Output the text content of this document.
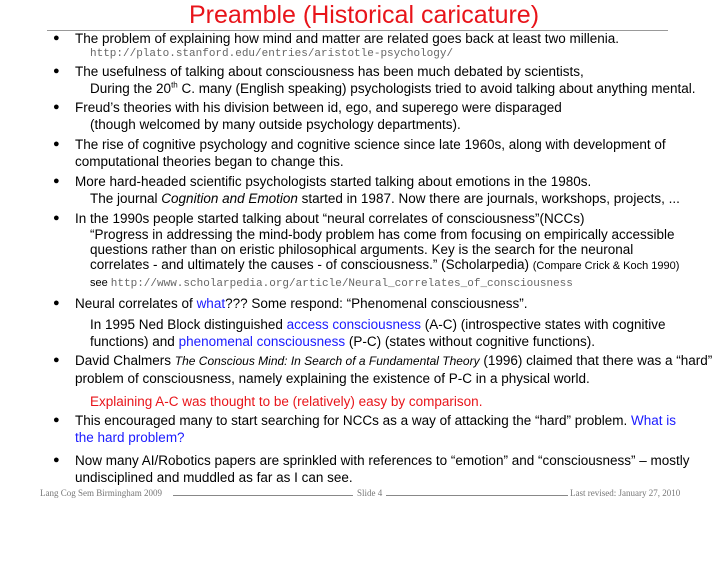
Preamble (Historical caricature)
● The problem of explaining how mind and matter are related goes back at least two millenia.
http://plato.stanford.edu/entries/aristotle-psychology/
● The usefulness of talking about consciousness has been much debated by scientists,
During the 20th C. many (English speaking) psychologists tried to avoid talking about anything mental.
● Freud’s theories with his division between id, ego, and superego were disparaged
(though welcomed by many outside psychology departments).
● The rise of cognitive psychology and cognitive science since late 1960s, along with development of
computational theories began to change this.
● More hard-headed scientific psychologists started talking about emotions in the 1980s.
The journal Cognition and Emotion started in 1987. Now there are journals, workshops, projects, ...
● In the 1990s people started talking about “neural correlates of consciousness”(NCCs)
“Progress in addressing the mind-body problem has come from focusing on empirically accessible
questions rather than on eristic philosophical arguments. Key is the search for the neuronal
correlates - and ultimately the causes - of consciousness.” (Scholarpedia) (Compare Crick & Koch 1990)
see http://www.scholarpedia.org/article/Neural_correlates_of_consciousness
● Neural correlates of what??? Some respond: “Phenomenal consciousness”.
In 1995 Ned Block distinguished access consciousness (A-C) (introspective states with cognitive
functions) and phenomenal consciousness (P-C) (states without cognitive functions).
● David Chalmers The Conscious Mind: In Search of a Fundamental Theory (1996) claimed that there was a “hard”
problem of consciousness, namely explaining the existence of P-C in a physical world.
Explaining A-C was thought to be (relatively) easy by comparison.
● This encouraged many to start searching for NCCs as a way of attacking the “hard” problem. What is
the hard problem?
Lang Cog Sem Birmingham 2009	Slide 4	Last revised: January 27, 2010
● Now many AI/Robotics papers are sprinkled with references to “emotion” and “consciousness” – mostly
undisciplined and muddled as far as I can see.
